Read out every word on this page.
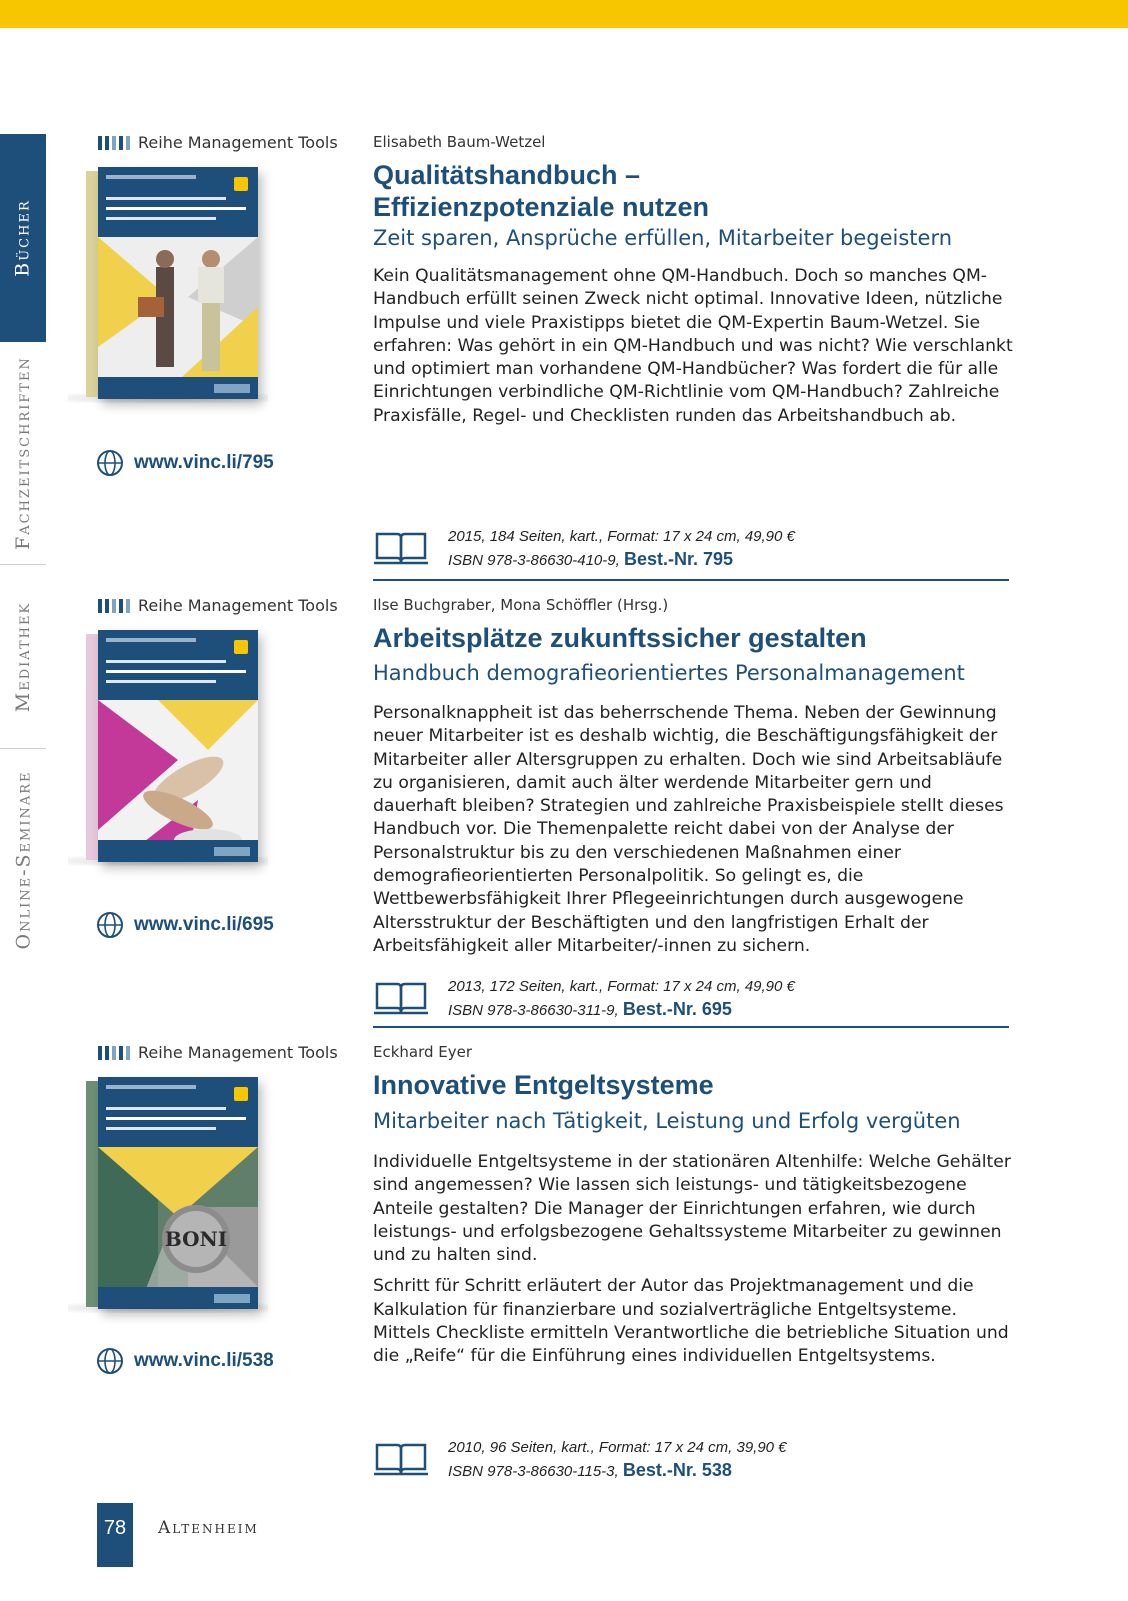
Bücher
Fachzeitschriften
Mediathek
Online-Seminare
Reihe Management Tools
www.vinc.li/795
Elisabeth Baum-Wetzel
Qualitätshandbuch –
Effizienzpotenziale nutzen
Zeit sparen, Ansprüche erfüllen, Mitarbeiter begeistern

Kein Qualitätsmanagement ohne QM-Handbuch. Doch so manches QM-Handbuch erfüllt seinen Zweck nicht optimal. Innovative Ideen, nützliche Impulse und viele Praxistipps bietet die QM-Expertin Baum-Wetzel. Sie erfahren: Was gehört in ein QM-Handbuch und was nicht? Wie verschlankt und optimiert man vorhandene QM-Handbücher? Was fordert die für alle Einrichtungen verbindliche QM-Richtlinie vom QM-Handbuch? Zahlreiche Praxisfälle, Regel- und Checklisten runden das Arbeitshandbuch ab.

2015, 184 Seiten, kart., Format: 17 x 24 cm, 49,90 €
ISBN 978-3-86630-410-9, Best.-Nr. 795
Reihe Management Tools
www.vinc.li/695
Ilse Buchgraber, Mona Schöffler (Hrsg.)
Arbeitsplätze zukunftssicher gestalten
Handbuch demografieorientiertes Personalmanagement

Personalknappheit ist das beherrschende Thema. Neben der Gewinnung neuer Mitarbeiter ist es deshalb wichtig, die Beschäftigungsfähigkeit der Mitarbeiter aller Altersgruppen zu erhalten. Doch wie sind Arbeitsabläufe zu organisieren, damit auch älter werdende Mitarbeiter gern und dauerhaft bleiben? Strategien und zahlreiche Praxisbeispiele stellt dieses Handbuch vor. Die Themenpalette reicht dabei von der Analyse der Personalstruktur bis zu den verschiedenen Maßnahmen einer demografieorientierten Personalpolitik. So gelingt es, die Wettbewerbsfähigkeit Ihrer Pflegeeinrichtungen durch ausgewogene Altersstruktur der Beschäftigten und den langfristigen Erhalt der Arbeitsfähigkeit aller Mitarbeiter/-innen zu sichern.

2013, 172 Seiten, kart., Format: 17 x 24 cm, 49,90 €
ISBN 978-3-86630-311-9, Best.-Nr. 695
Reihe Management Tools
BONI
www.vinc.li/538
Eckhard Eyer
Innovative Entgeltsysteme
Mitarbeiter nach Tätigkeit, Leistung und Erfolg vergüten

Individuelle Entgeltsysteme in der stationären Altenhilfe: Welche Gehälter sind angemessen? Wie lassen sich leistungs- und tätigkeitsbezogene Anteile gestalten? Die Manager der Einrichtungen erfahren, wie durch leistungs- und erfolgsbezogene Gehaltssysteme Mitarbeiter zu gewinnen und zu halten sind.

Schritt für Schritt erläutert der Autor das Projektmanagement und die Kalkulation für finanzierbare und sozialverträgliche Entgeltsysteme. Mittels Checkliste ermitteln Verantwortliche die betriebliche Situation und die „Reife“ für die Einführung eines individuellen Entgeltsystems.

2010, 96 Seiten, kart., Format: 17 x 24 cm, 39,90 €
ISBN 978-3-86630-115-3, Best.-Nr. 538
78	Altenheim
